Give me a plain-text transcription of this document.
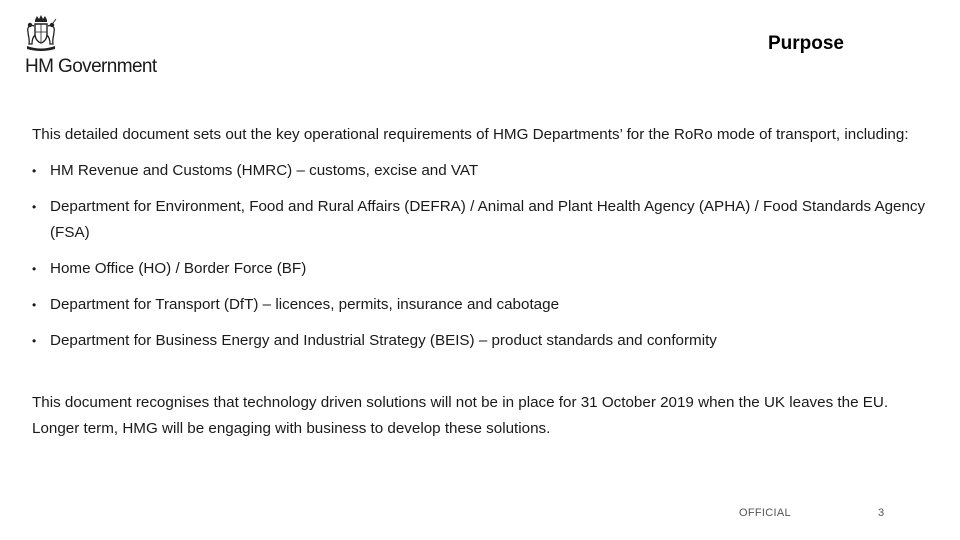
HM Government
Purpose

This detailed document sets out the key operational requirements of HMG Departments’ for the RoRo mode of transport, including:

• HM Revenue and Customs (HMRC) – customs, excise and VAT
• Department for Environment, Food and Rural Affairs (DEFRA) / Animal and Plant Health Agency (APHA) / Food Standards Agency (FSA)
• Home Office (HO) / Border Force (BF)
• Department for Transport (DfT) – licences, permits, insurance and cabotage
• Department for Business Energy and Industrial Strategy (BEIS) – product standards and conformity

This document recognises that technology driven solutions will not be in place for 31 October 2019 when the UK leaves the EU. Longer term, HMG will be engaging with business to develop these solutions.

OFFICIAL	3
